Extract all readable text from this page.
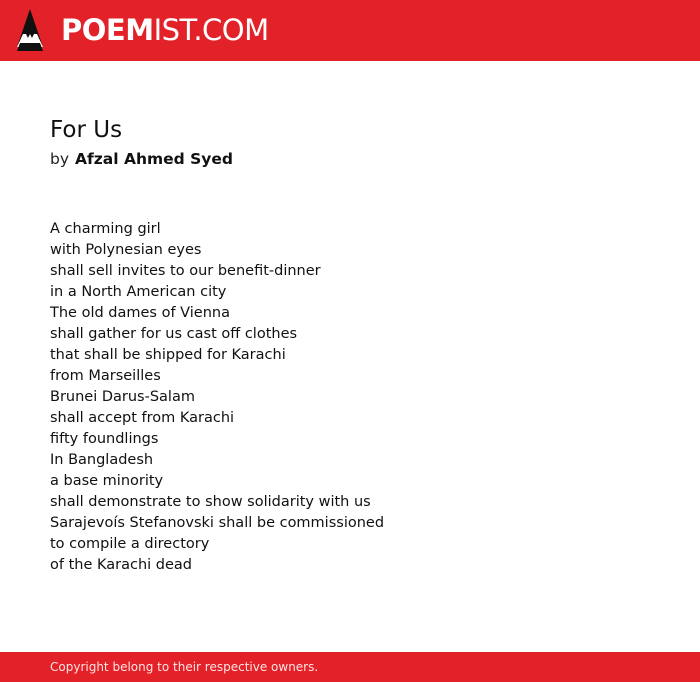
POEMIST.COM
For Us
by Afzal Ahmed Syed
A charming girl
with Polynesian eyes
shall sell invites to our benefit-dinner
in a North American city
The old dames of Vienna
shall gather for us cast off clothes
that shall be shipped for Karachi
from Marseilles
Brunei Darus-Salam
shall accept from Karachi
fifty foundlings
In Bangladesh
a base minority
shall demonstrate to show solidarity with us
Sarajevoís Stefanovski shall be commissioned
to compile a directory
of the Karachi dead
Copyright belong to their respective owners.
